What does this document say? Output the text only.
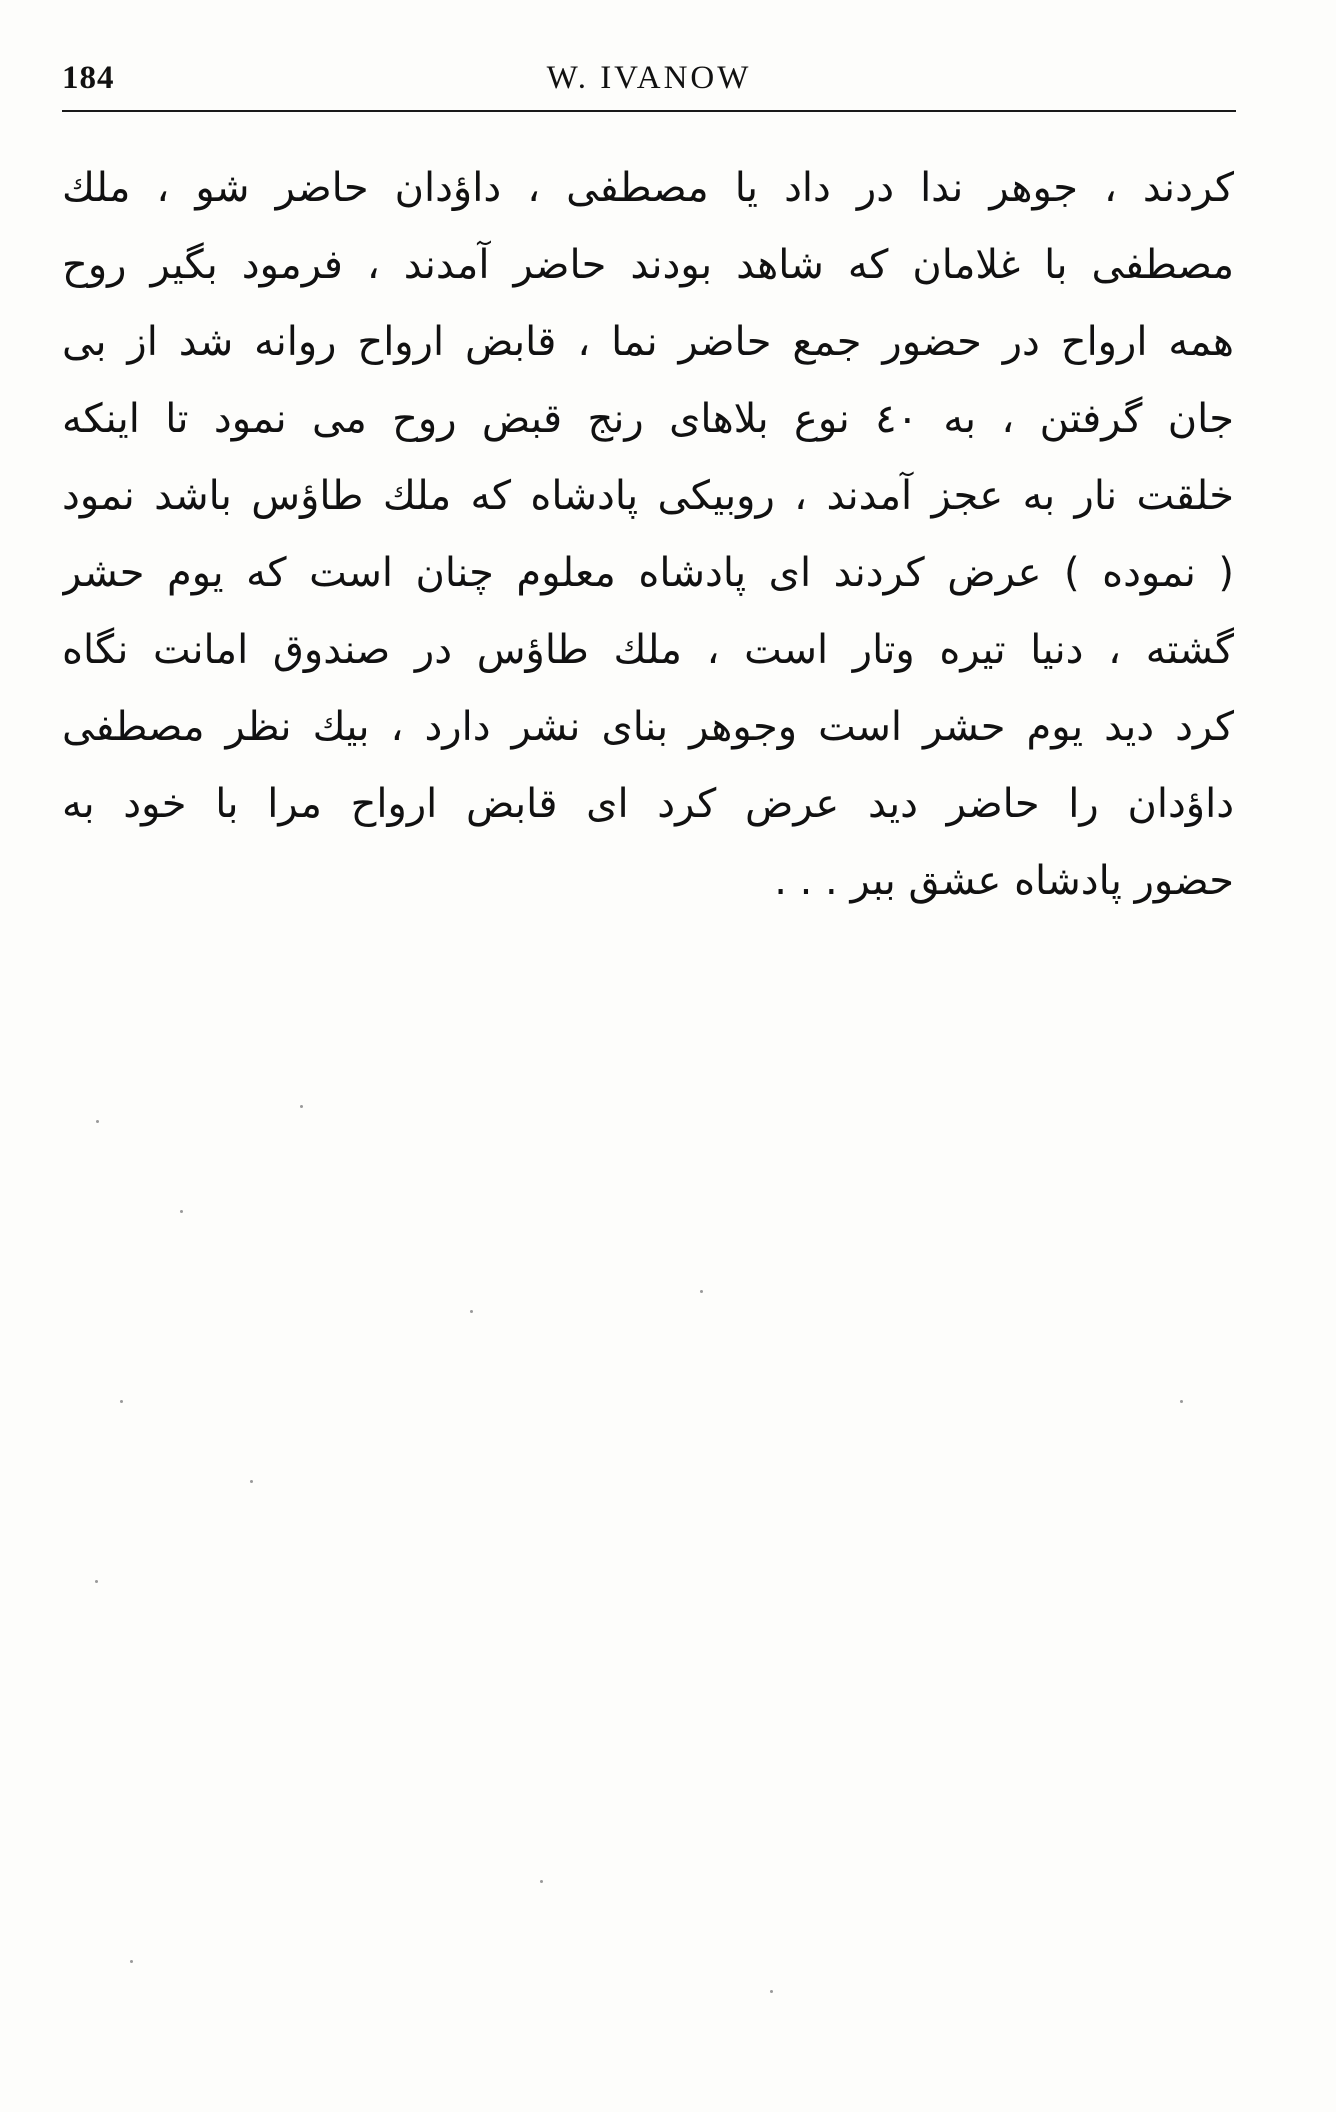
184	W. IVANOW
کردند ، جوهر ندا در داد یا مصطفی ، داؤدان حاضر شو ، ملك
مصطفی با غلامان که شاهد بودند حاضر آمدند ، فرمود بگیر روح
همه ارواح در حضور جمع حاضر نما ، قابض ارواح روانه شد از بی
جان گرفتن ، به ٤٠ نوع بلاهای رنج قبض روح می نمود تا اینکه
خلقت نار به عجز آمدند ، روبیکی پادشاه که ملك طاؤس باشد نمود
( نموده ) عرض کردند ای پادشاه معلوم چنان است که یوم حشر
گشته ، دنیا تیره وتار است ، ملك طاؤس در صندوق امانت نگاه
کرد دید یوم حشر است وجوهر بنای نشر دارد ، بیك نظر مصطفی
داؤدان را حاضر دید عرض کرد ای قابض ارواح مرا با خود به
حضور پادشاه عشق ببر . . .
